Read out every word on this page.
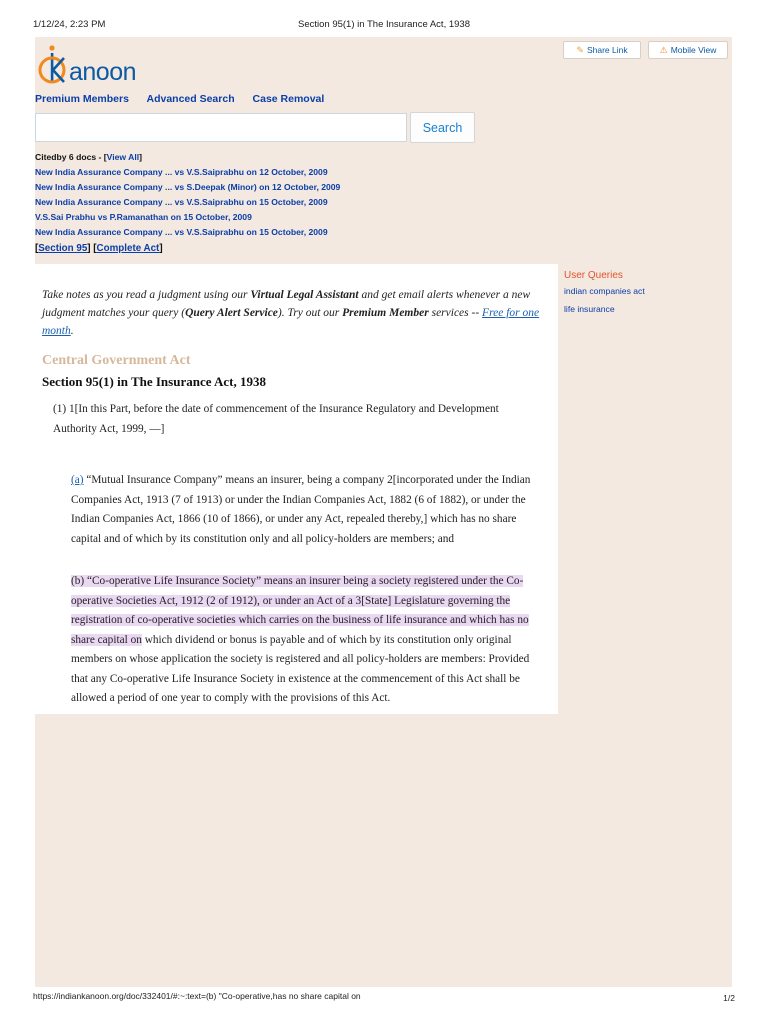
1/12/24, 2:23 PM	Section 95(1) in The Insurance Act, 1938
anoon
✎ Share Link	⚠ Mobile View
Premium Members Advanced Search Case Removal
Search
Citedby 6 docs - [View All]
New India Assurance Company ... vs V.S.Saiprabhu on 12 October, 2009
New India Assurance Company ... vs S.Deepak (Minor) on 12 October, 2009
New India Assurance Company ... vs V.S.Saiprabhu on 15 October, 2009
V.S.Sai Prabhu vs P.Ramanathan on 15 October, 2009
New India Assurance Company ... vs V.S.Saiprabhu on 15 October, 2009
[Section 95] [Complete Act]
Take notes as you read a judgment using our Virtual Legal Assistant and get email alerts whenever a new judgment matches your query (Query Alert Service). Try out our Premium Member services -- Free for one month.
Central Government Act
Section 95(1) in The Insurance Act, 1938
(1) 1[In this Part, before the date of commencement of the Insurance Regulatory and Development Authority Act, 1999, —]
(a) “Mutual Insurance Company” means an insurer, being a company 2[incorporated under the Indian Companies Act, 1913 (7 of 1913) or under the Indian Companies Act, 1882 (6 of 1882), or under the Indian Companies Act, 1866 (10 of 1866), or under any Act, repealed thereby,] which has no share capital and of which by its constitution only and all policy-holders are members; and
(b) “Co-operative Life Insurance Society” means an insurer being a society registered under the Co-operative Societies Act, 1912 (2 of 1912), or under an Act of a 3[State] Legislature governing the registration of co-operative societies which carries on the business of life insurance and which has no share capital on which dividend or bonus is payable and of which by its constitution only original members on whose application the society is registered and all policy-holders are members: Provided that any Co-operative Life Insurance Society in existence at the commencement of this Act shall be allowed a period of one year to comply with the provisions of this Act.
User Queries
indian companies act
life insurance
https://indiankanoon.org/doc/332401/#:~:text=(b) "Co-operative,has no share capital on	1/2
